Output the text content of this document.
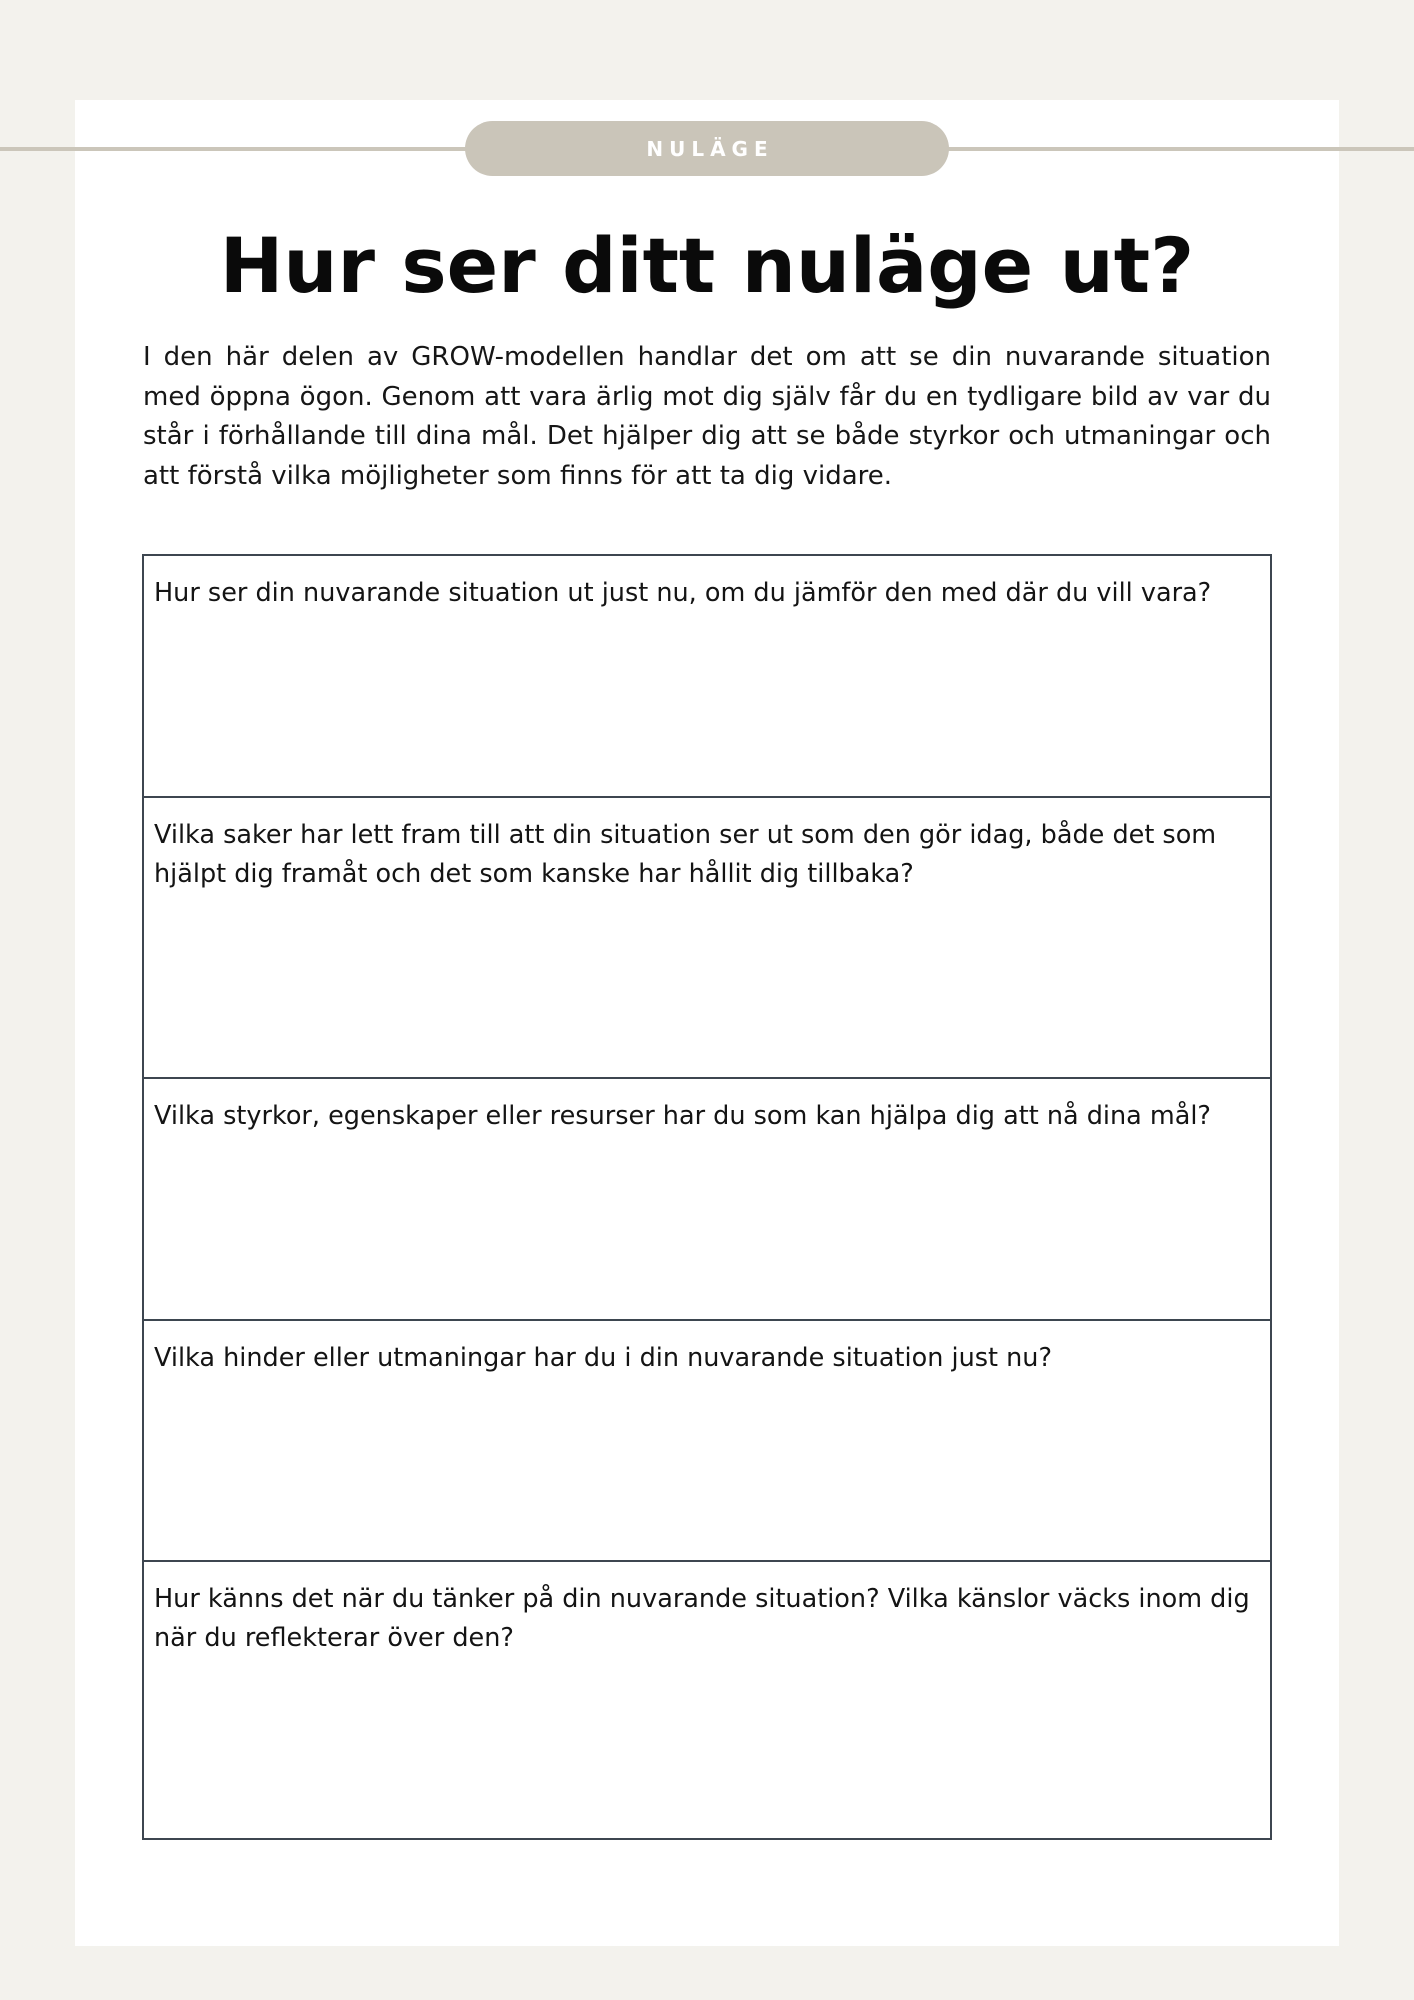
NULÄGE
Hur ser ditt nuläge ut?

I den här delen av GROW-modellen handlar det om att se din nuvarande situation med öppna ögon. Genom att vara ärlig mot dig själv får du en tydligare bild av var du står i förhållande till dina mål. Det hjälper dig att se både styrkor och utmaningar och att förstå vilka möjligheter som finns för att ta dig vidare.

Hur ser din nuvarande situation ut just nu, om du jämför den med där du vill vara?
Vilka saker har lett fram till att din situation ser ut som den gör idag, både det som hjälpt dig framåt och det som kanske har hållit dig tillbaka?
Vilka styrkor, egenskaper eller resurser har du som kan hjälpa dig att nå dina mål?
Vilka hinder eller utmaningar har du i din nuvarande situation just nu?
Hur känns det när du tänker på din nuvarande situation? Vilka känslor väcks inom dig när du reflekterar över den?
